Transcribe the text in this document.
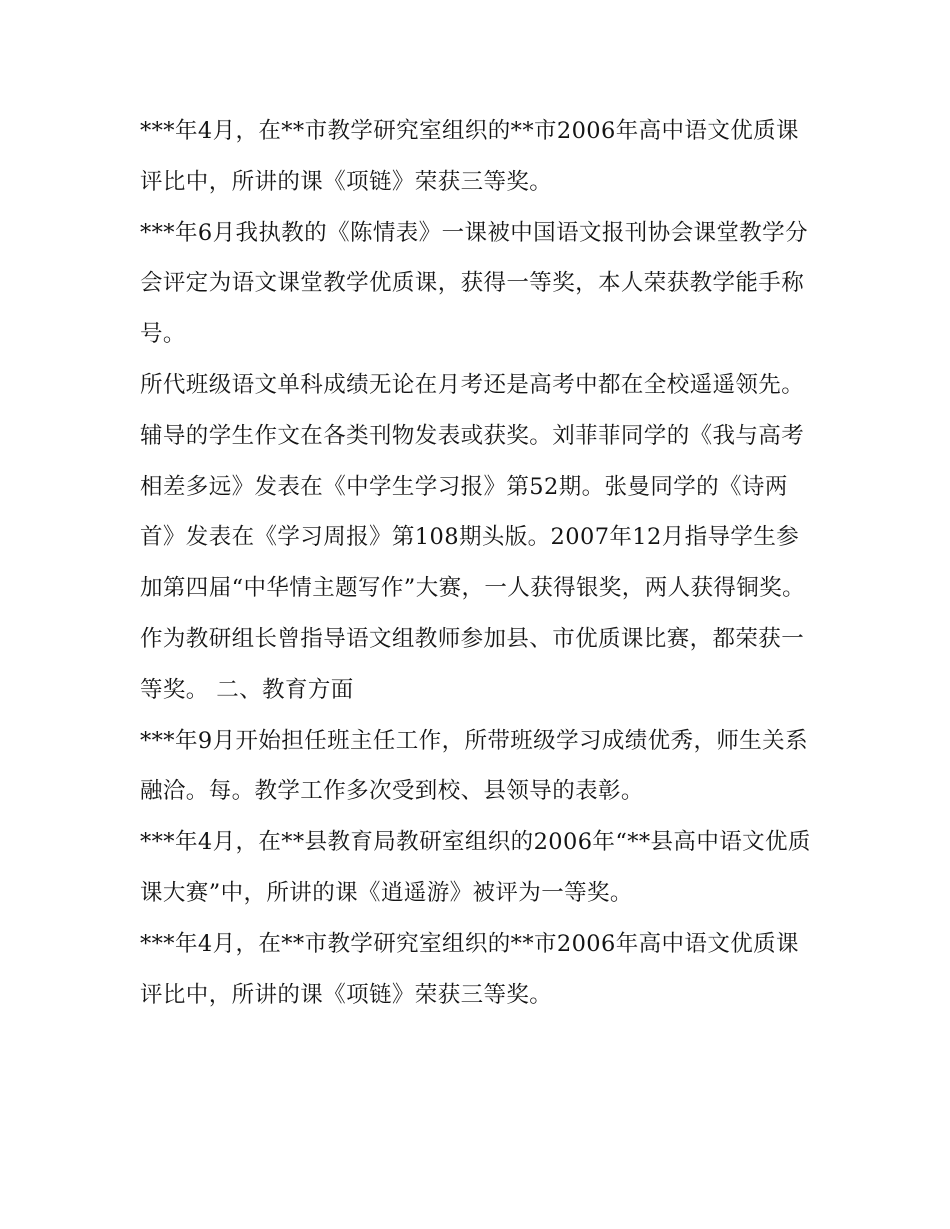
***年4月，在**市教学研究室组织的**市2006年高中语文优质课评比中，所讲的课《项链》荣获三等奖。

***年6月我执教的《陈情表》一课被中国语文报刊协会课堂教学分会评定为语文课堂教学优质课，获得一等奖，本人荣获教学能手称号。

所代班级语文单科成绩无论在月考还是高考中都在全校遥遥领先。

辅导的学生作文在各类刊物发表或获奖。刘菲菲同学的《我与高考相差多远》发表在《中学生学习报》第52期。张曼同学的《诗两首》发表在《学习周报》第108期头版。2007年12月指导学生参加第四届“中华情主题写作”大赛，一人获得银奖，两人获得铜奖。

作为教研组长曾指导语文组教师参加县、市优质课比赛，都荣获一等奖。 二、教育方面

***年9月开始担任班主任工作，所带班级学习成绩优秀，师生关系融洽。每。教学工作多次受到校、县领导的表彰。

***年4月，在**县教育局教研室组织的2006年“**县高中语文优质课大赛”中，所讲的课《逍遥游》被评为一等奖。

***年4月，在**市教学研究室组织的**市2006年高中语文优质课评比中，所讲的课《项链》荣获三等奖。
